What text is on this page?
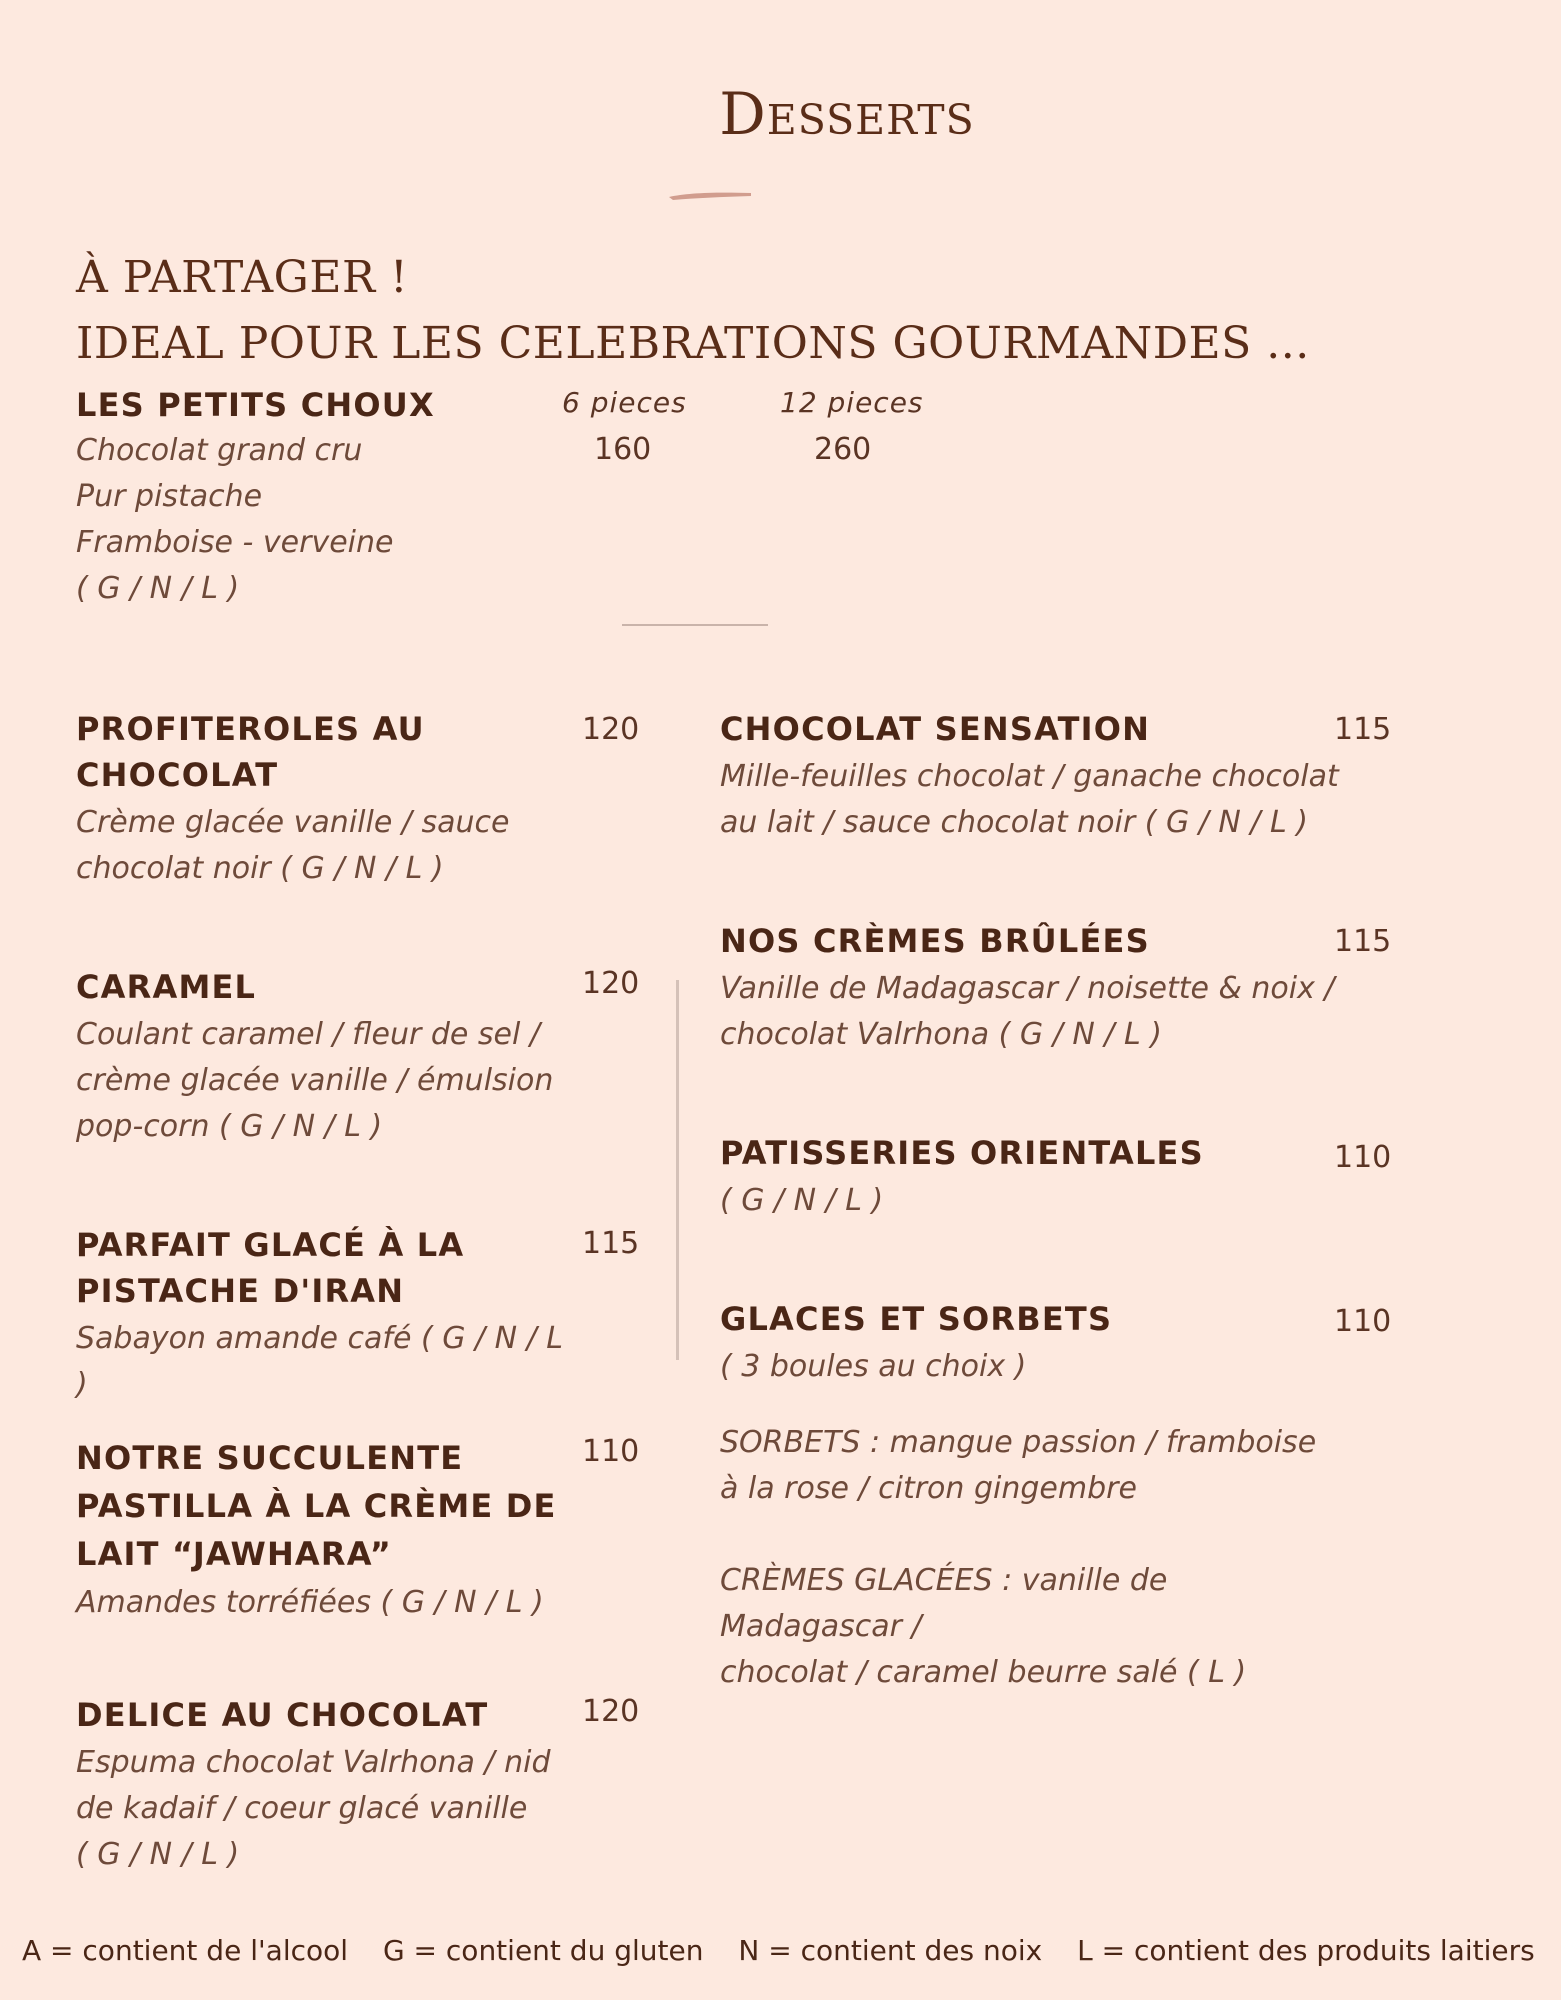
Desserts
À PARTAGER !
IDEAL POUR LES CELEBRATIONS GOURMANDES ...
LES PETITS CHOUX
Chocolat grand cru
Pur pistache
Framboise - verveine
( G / N / L )
6 pieces	12 pieces
160	260
PROFITEROLES AU
CHOCOLAT
Crème glacée vanille / sauce
chocolat noir ( G / N / L )
120
CARAMEL
Coulant caramel / fleur de sel /
crème glacée vanille / émulsion
pop-corn ( G / N / L )
120
PARFAIT GLACÉ À LA
PISTACHE D'IRAN
Sabayon amande café ( G / N / L )
115
NOTRE SUCCULENTE
PASTILLA À LA CRÈME DE
LAIT “JAWHARA”
Amandes torréfiées ( G / N / L )
110
DELICE AU CHOCOLAT
Espuma chocolat Valrhona / nid
de kadaif / coeur glacé vanille
( G / N / L )
120
CHOCOLAT SENSATION
Mille-feuilles chocolat / ganache chocolat
au lait / sauce chocolat noir ( G / N / L )
115
NOS CRÈMES BRÛLÉES
Vanille de Madagascar / noisette & noix /
chocolat Valrhona ( G / N / L )
115
PATISSERIES ORIENTALES
( G / N / L )
110
GLACES ET SORBETS
( 3 boules au choix )
SORBETS : mangue passion / framboise
à la rose / citron gingembre
CRÈMES GLACÉES : vanille de Madagascar /
chocolat / caramel beurre salé ( L )
110
A = contient de l'alcool G = contient du gluten N = contient des noix L = contient des produits laitiers
